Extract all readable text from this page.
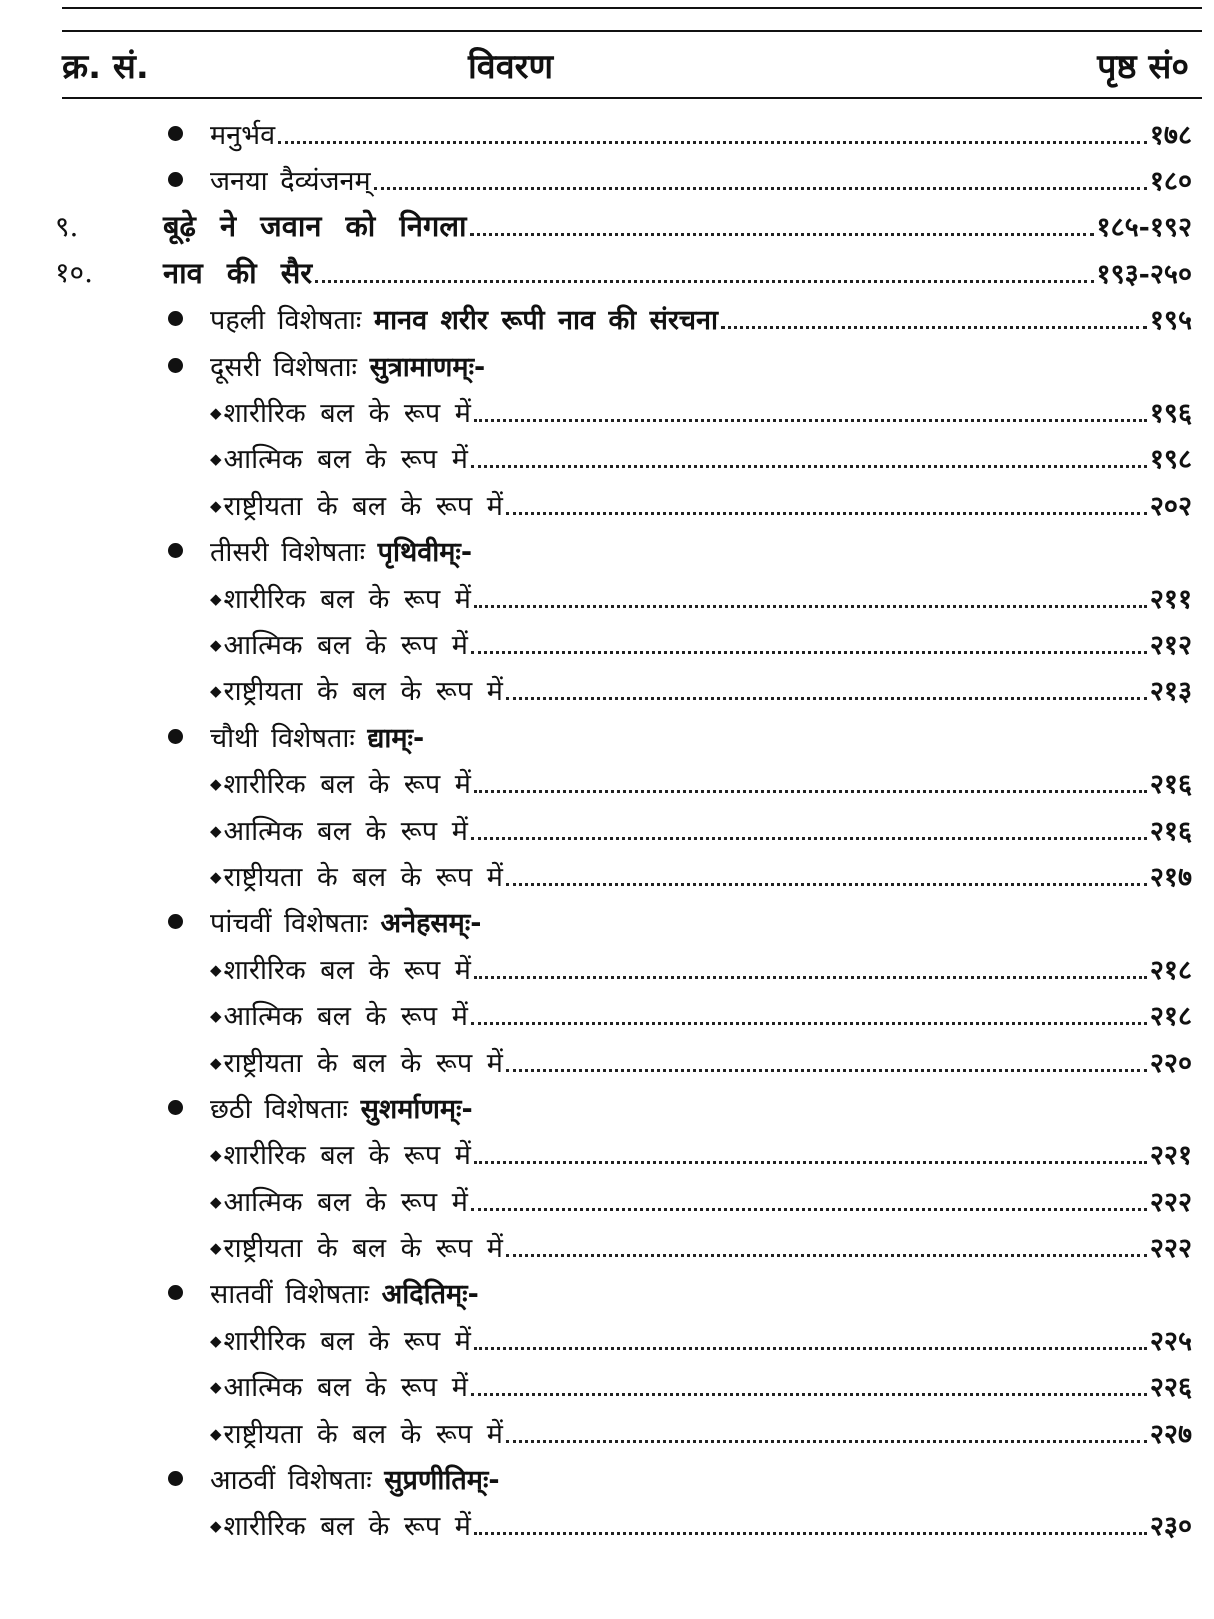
क्र. सं.	विवरण	पृष्ठ सं०
मनुर्भव	१७८
जनया दैव्यंजनम्	१८०
९.	बूढ़े ने जवान को निगला	१८५-१९२
१०. नाव की सैर	१९३-२५०
पहली विशेषताः मानव शरीर रूपी नाव की संरचना	१९५
दूसरी विशेषताः सुत्रामाणम्ः-
◆शारीरिक बल के रूप में	१९६
◆आत्मिक बल के रूप में	१९८
◆राष्ट्रीयता के बल के रूप में	२०२
तीसरी विशेषताः पृथिवीम्ः-
◆शारीरिक बल के रूप में	२११
◆आत्मिक बल के रूप में	२१२
◆राष्ट्रीयता के बल के रूप में	२१३
चौथी विशेषताः द्याम्ः-
◆शारीरिक बल के रूप में	२१६
◆आत्मिक बल के रूप में	२१६
◆राष्ट्रीयता के बल के रूप में	२१७
पांचवीं विशेषताः अनेहसम्ः-
◆शारीरिक बल के रूप में	२१८
◆आत्मिक बल के रूप में	२१८
◆राष्ट्रीयता के बल के रूप में	२२०
छठी विशेषताः सुशर्माणम्ः-
◆शारीरिक बल के रूप में	२२१
◆आत्मिक बल के रूप में	२२२
◆राष्ट्रीयता के बल के रूप में	२२२
सातवीं विशेषताः अदितिम्ः-
◆शारीरिक बल के रूप में	२२५
◆आत्मिक बल के रूप में	२२६
◆राष्ट्रीयता के बल के रूप में	२२७
आठवीं विशेषताः सुप्रणीतिम्ः-
◆शारीरिक बल के रूप में	२३०
